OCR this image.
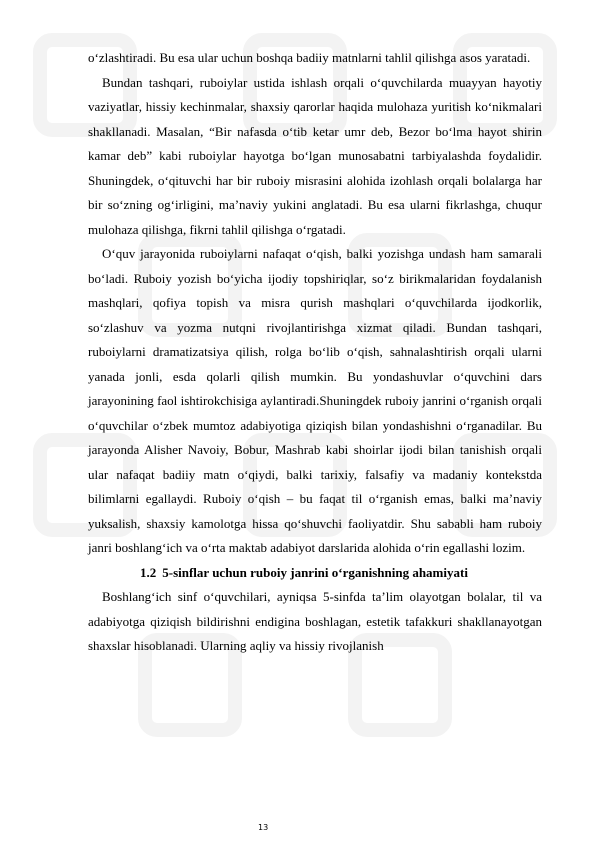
o‘zlashtiradi. Bu esa ular uchun boshqa badiiy matnlarni tahlil qilishga asos yaratadi.

Bundan tashqari, ruboiylar ustida ishlash orqali o‘quvchilarda muayyan hayotiy vaziyatlar, hissiy kechinmalar, shaxsiy qarorlar haqida mulohaza yuritish ko‘nikmalari shakllanadi. Masalan, “Bir nafasda o‘tib ketar umr deb, Bezor bo‘lma hayot shirin kamar deb” kabi ruboiylar hayotga bo‘lgan munosabatni tarbiyalashda foydalidir. Shuningdek, o‘qituvchi har bir ruboiy misrasini alohida izohlash orqali bolalarga har bir so‘zning og‘irligini, ma’naviy yukini anglatadi. Bu esa ularni fikrlashga, chuqur mulohaza qilishga, fikrni tahlil qilishga o‘rgatadi.

O‘quv jarayonida ruboiylarni nafaqat o‘qish, balki yozishga undash ham samarali bo‘ladi. Ruboiy yozish bo‘yicha ijodiy topshiriqlar, so‘z birikmalaridan foydalanish mashqlari, qofiya topish va misra qurish mashqlari o‘quvchilarda ijodkorlik, so‘zlashuv va yozma nutqni rivojlantirishga xizmat qiladi. Bundan tashqari, ruboiylarni dramatizatsiya qilish, rolga bo‘lib o‘qish, sahnalashtirish orqali ularni yanada jonli, esda qolarli qilish mumkin. Bu yondashuvlar o‘quvchini dars jarayonining faol ishtirokchisiga aylantiradi.Shuningdek ruboiy janrini o‘rganish orqali o‘quvchilar o‘zbek mumtoz adabiyotiga qiziqish bilan yondashishni o‘rganadilar. Bu jarayonda Alisher Navoiy, Bobur, Mashrab kabi shoirlar ijodi bilan tanishish orqali ular nafaqat badiiy matn o‘qiydi, balki tarixiy, falsafiy va madaniy kontekstda bilimlarni egallaydi. Ruboiy o‘qish – bu faqat til o‘rganish emas, balki ma’naviy yuksalish, shaxsiy kamolotga hissa qo‘shuvchi faoliyatdir. Shu sababli ham ruboiy janri boshlang‘ich va o‘rta maktab adabiyot darslarida alohida o‘rin egallashi lozim.

1.2 5-sinflar uchun ruboiy janrini o‘rganishning ahamiyati

Boshlang‘ich sinf o‘quvchilari, ayniqsa 5-sinfda ta’lim olayotgan bolalar, til va adabiyotga qiziqish bildirishni endigina boshlagan, estetik tafakkuri shakllanayotgan shaxslar hisoblanadi. Ularning aqliy va hissiy rivojlanish

13
